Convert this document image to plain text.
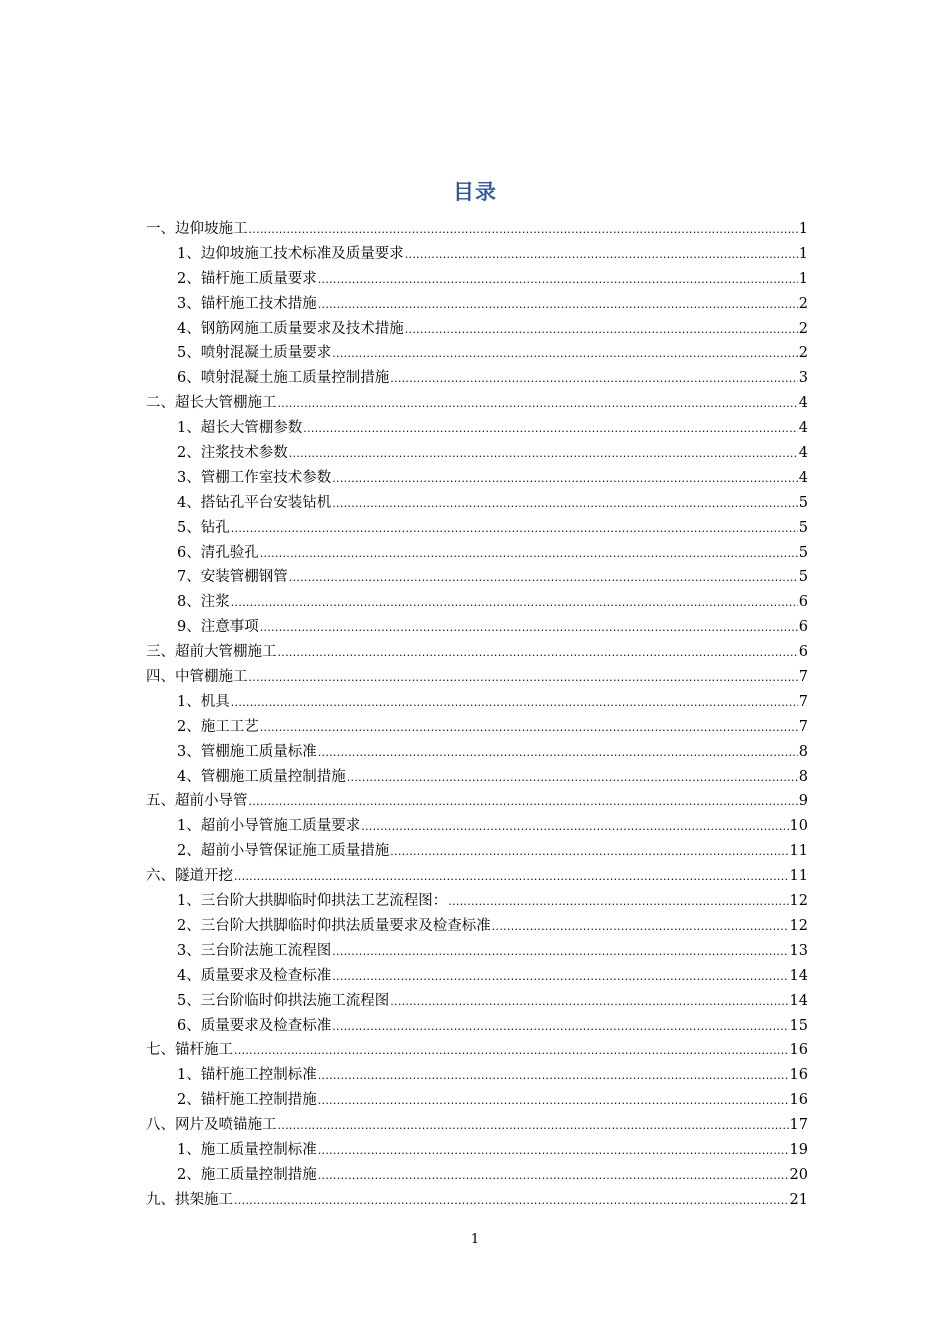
目录
一、边仰坡施工 .....	1
1、边仰坡施工技术标准及质量要求 .....	1
2、锚杆施工质量要求 .....	1
3、锚杆施工技术措施 .....	2
4、钢筋网施工质量要求及技术措施 .....	2
5、喷射混凝土质量要求 .....	2
6、喷射混凝土施工质量控制措施 .....	3
二、超长大管棚施工 .....	4
1、超长大管棚参数 .....	4
2、注浆技术参数 .....	4
3、管棚工作室技术参数 .....	4
4、搭钻孔平台安装钻机 .....	5
5、钻孔 .....	5
6、清孔验孔 .....	5
7、安装管棚钢管 .....	5
8、注浆 .....	6
9、注意事项 .....	6
三、超前大管棚施工 .....	6
四、中管棚施工 .....	7
1、机具 .....	7
2、施工工艺 .....	7
3、管棚施工质量标准 .....	8
4、管棚施工质量控制措施 .....	8
五、超前小导管 .....	9
1、超前小导管施工质量要求 .....	10
2、超前小导管保证施工质量措施 .....	11
六、隧道开挖 .....	11
1、三台阶大拱脚临时仰拱法工艺流程图： .....	12
2、三台阶大拱脚临时仰拱法质量要求及检查标准 .....	12
3、三台阶法施工流程图 .....	13
4、质量要求及检查标准 .....	14
5、三台阶临时仰拱法施工流程图 .....	14
6、质量要求及检查标准 .....	15
七、锚杆施工 .....	16
1、锚杆施工控制标准 .....	16
2、锚杆施工控制措施 .....	16
八、网片及喷锚施工 .....	17
1、施工质量控制标准 .....	19
2、施工质量控制措施 .....	20
九、拱架施工 .....	21
1
